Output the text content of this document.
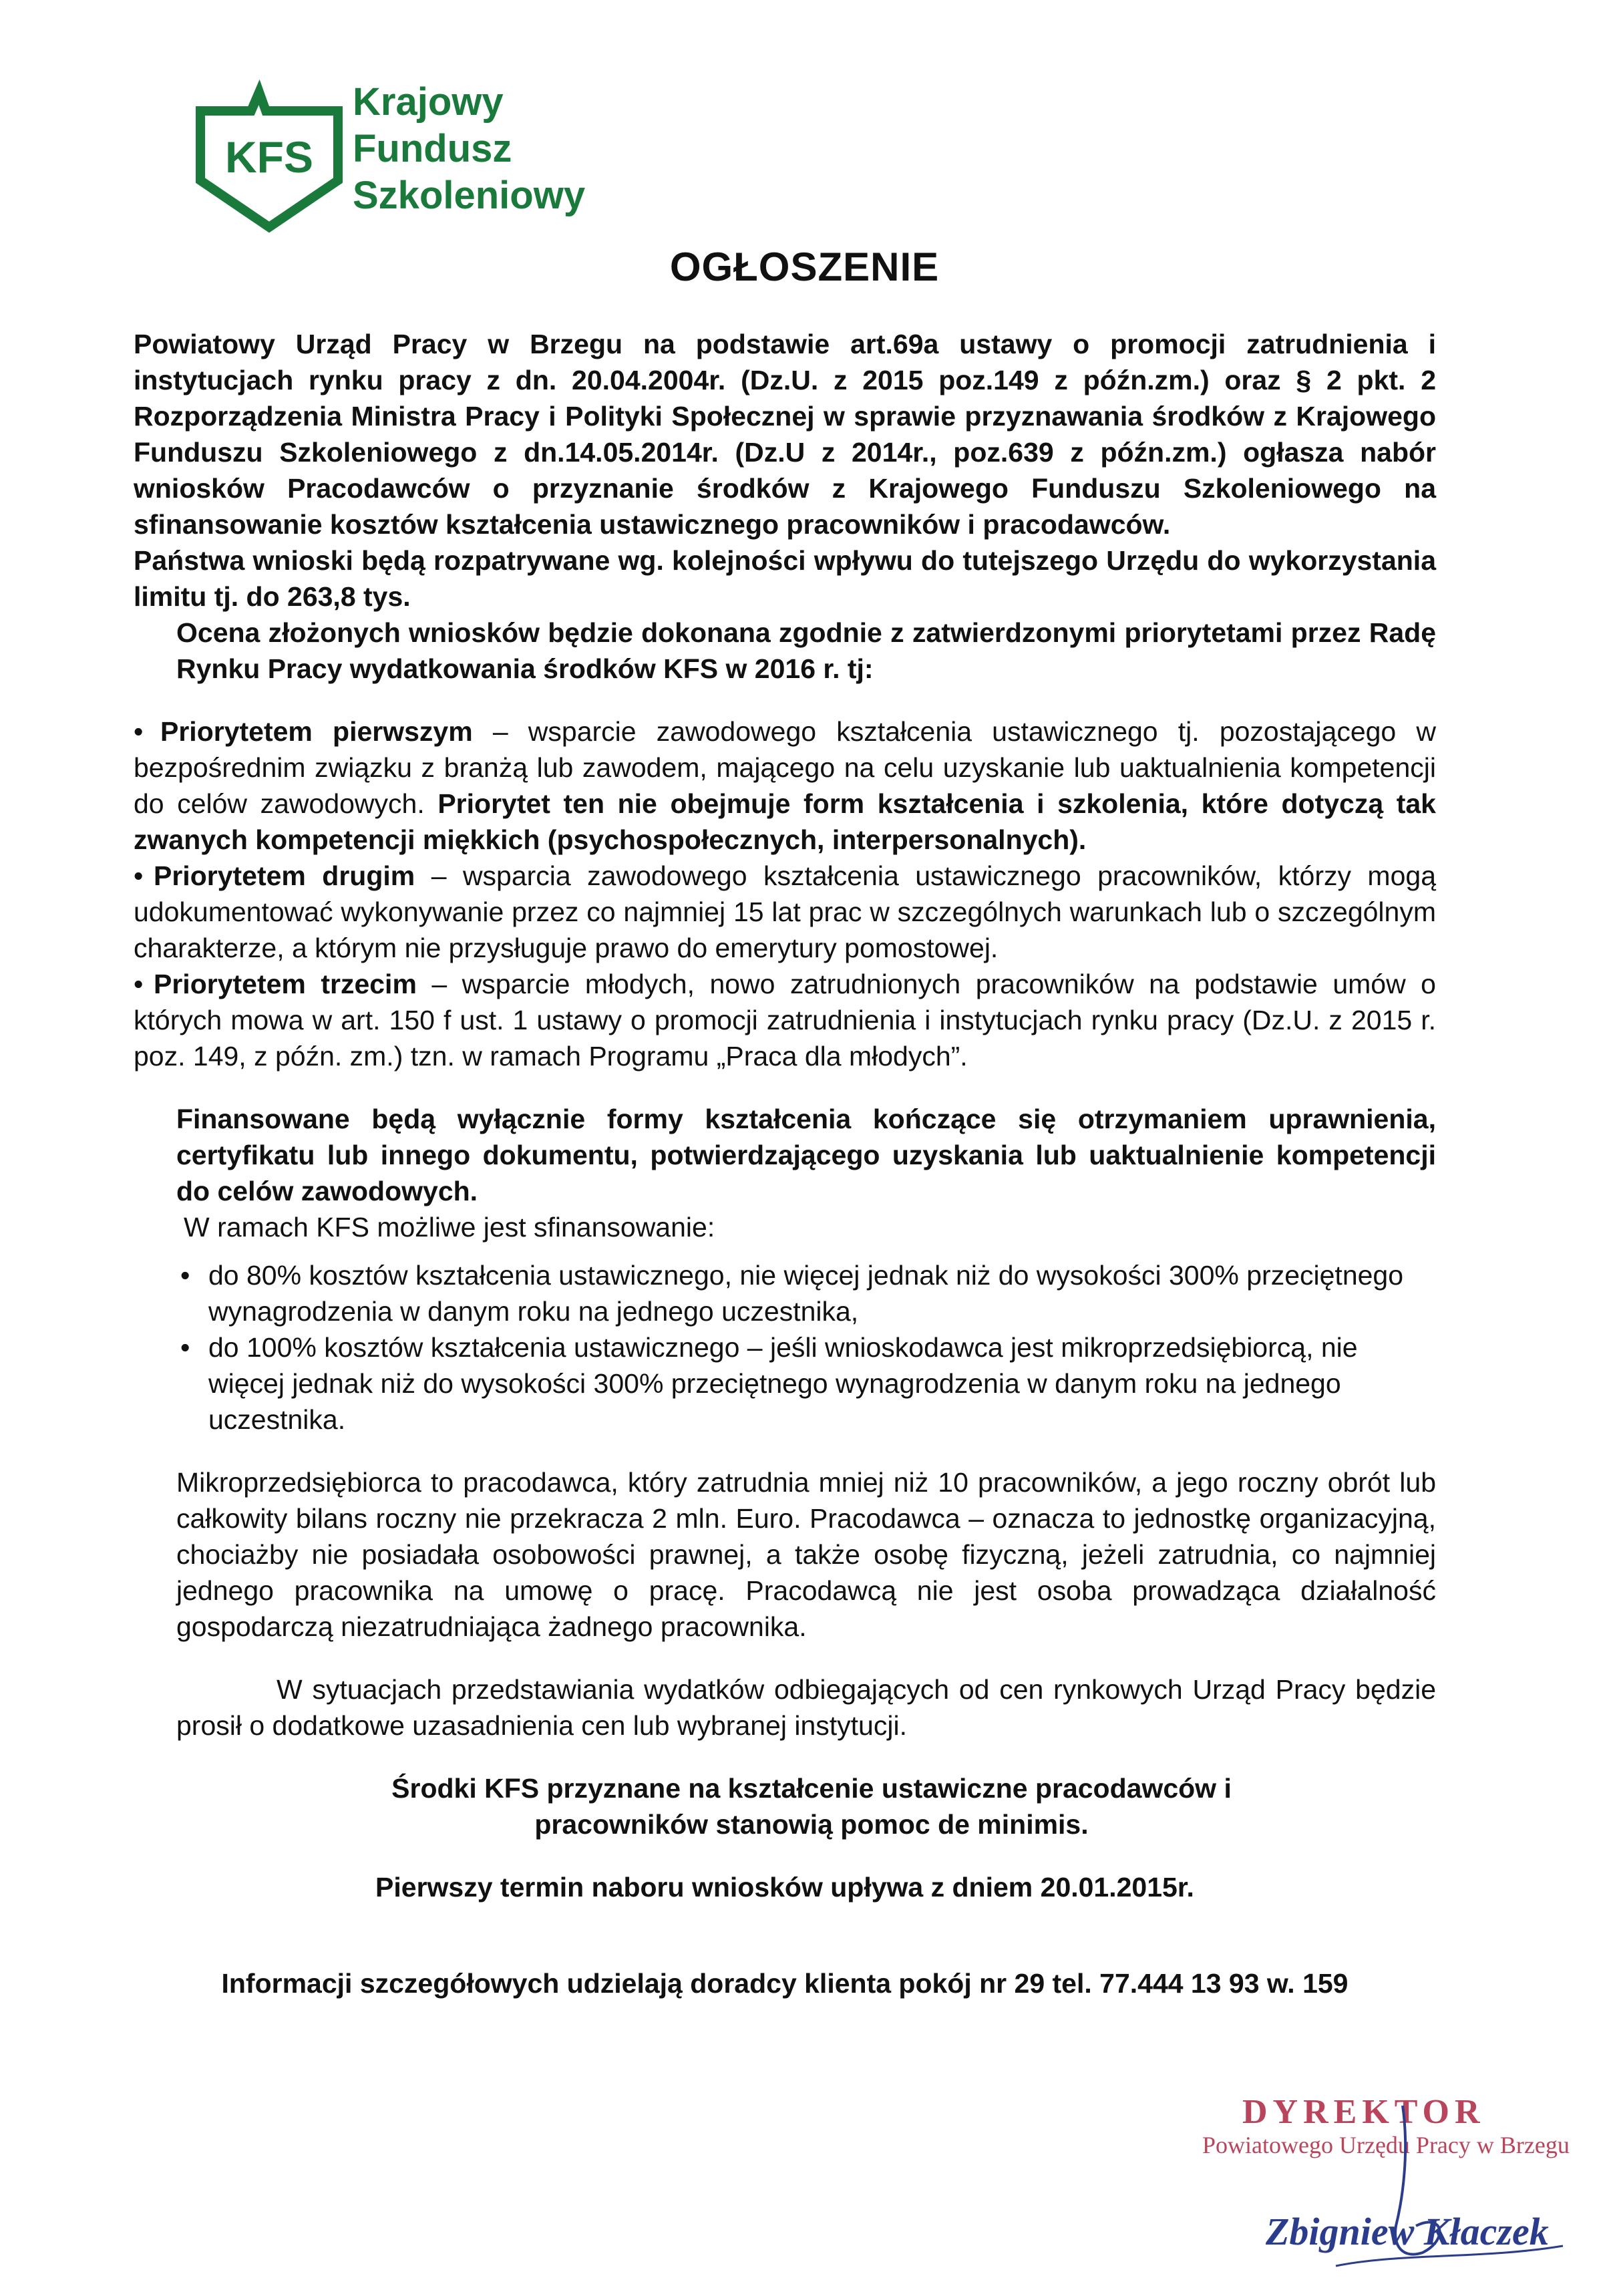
KFS
Krajowy
Fundusz
Szkoleniowy
OGŁOSZENIE

Powiatowy Urząd Pracy w Brzegu na podstawie art.69a ustawy o promocji zatrudnienia i instytucjach rynku pracy z dn. 20.04.2004r. (Dz.U. z 2015 poz.149 z późn.zm.) oraz § 2 pkt. 2 Rozporządzenia Ministra Pracy i Polityki Społecznej w sprawie przyznawania środków z Krajowego Funduszu Szkoleniowego z dn.14.05.2014r. (Dz.U z 2014r., poz.639 z późn.zm.) ogłasza nabór wniosków Pracodawców o przyznanie środków z Krajowego Funduszu Szkoleniowego na sfinansowanie kosztów kształcenia ustawicznego pracowników i pracodawców.

Państwa wnioski będą rozpatrywane wg. kolejności wpływu do tutejszego Urzędu do wykorzystania limitu tj. do 263,8 tys.

Ocena złożonych wniosków będzie dokonana zgodnie z zatwierdzonymi priorytetami przez Radę Rynku Pracy wydatkowania środków KFS w 2016 r. tj:

• Priorytetem pierwszym – wsparcie zawodowego kształcenia ustawicznego tj. pozostającego w bezpośrednim związku z branżą lub zawodem, mającego na celu uzyskanie lub uaktualnienia kompetencji do celów zawodowych. Priorytet ten nie obejmuje form kształcenia i szkolenia, które dotyczą tak zwanych kompetencji miękkich (psychospołecznych, interpersonalnych).
• Priorytetem drugim – wsparcia zawodowego kształcenia ustawicznego pracowników, którzy mogą udokumentować wykonywanie przez co najmniej 15 lat prac w szczególnych warunkach lub o szczególnym charakterze, a którym nie przysługuje prawo do emerytury pomostowej.
• Priorytetem trzecim – wsparcie młodych, nowo zatrudnionych pracowników na podstawie umów o których mowa w art. 150 f ust. 1 ustawy o promocji zatrudnienia i instytucjach rynku pracy (Dz.U. z 2015 r. poz. 149, z późn. zm.) tzn. w ramach Programu „Praca dla młodych”.

Finansowane będą wyłącznie formy kształcenia kończące się otrzymaniem uprawnienia, certyfikatu lub innego dokumentu, potwierdzającego uzyskania lub uaktualnienie kompetencji do celów zawodowych.

W ramach KFS możliwe jest sfinansowanie:

• do 80% kosztów kształcenia ustawicznego, nie więcej jednak niż do wysokości 300% przeciętnego wynagrodzenia w danym roku na jednego uczestnika,
• do 100% kosztów kształcenia ustawicznego – jeśli wnioskodawca jest mikroprzedsiębiorcą, nie więcej jednak niż do wysokości 300% przeciętnego wynagrodzenia w danym roku na jednego uczestnika.

Mikroprzedsiębiorca to pracodawca, który zatrudnia mniej niż 10 pracowników, a jego roczny obrót lub całkowity bilans roczny nie przekracza 2 mln. Euro. Pracodawca – oznacza to jednostkę organizacyjną, chociażby nie posiadała osobowości prawnej, a także osobę fizyczną, jeżeli zatrudnia, co najmniej jednego pracownika na umowę o pracę. Pracodawcą nie jest osoba prowadząca działalność gospodarczą niezatrudniająca żadnego pracownika.

W sytuacjach przedstawiania wydatków odbiegających od cen rynkowych Urząd Pracy będzie prosił o dodatkowe uzasadnienia cen lub wybranej instytucji.

Środki KFS przyznane na kształcenie ustawiczne pracodawców i pracowników stanowią pomoc de minimis.

Pierwszy termin naboru wniosków upływa z dniem 20.01.2015r.

Informacji szczegółowych udzielają doradcy klienta pokój nr 29 tel. 77.444 13 93 w. 159

DYREKTOR
Powiatowego Urzędu Pracy w Brzegu
Zbigniew Kłaczek
